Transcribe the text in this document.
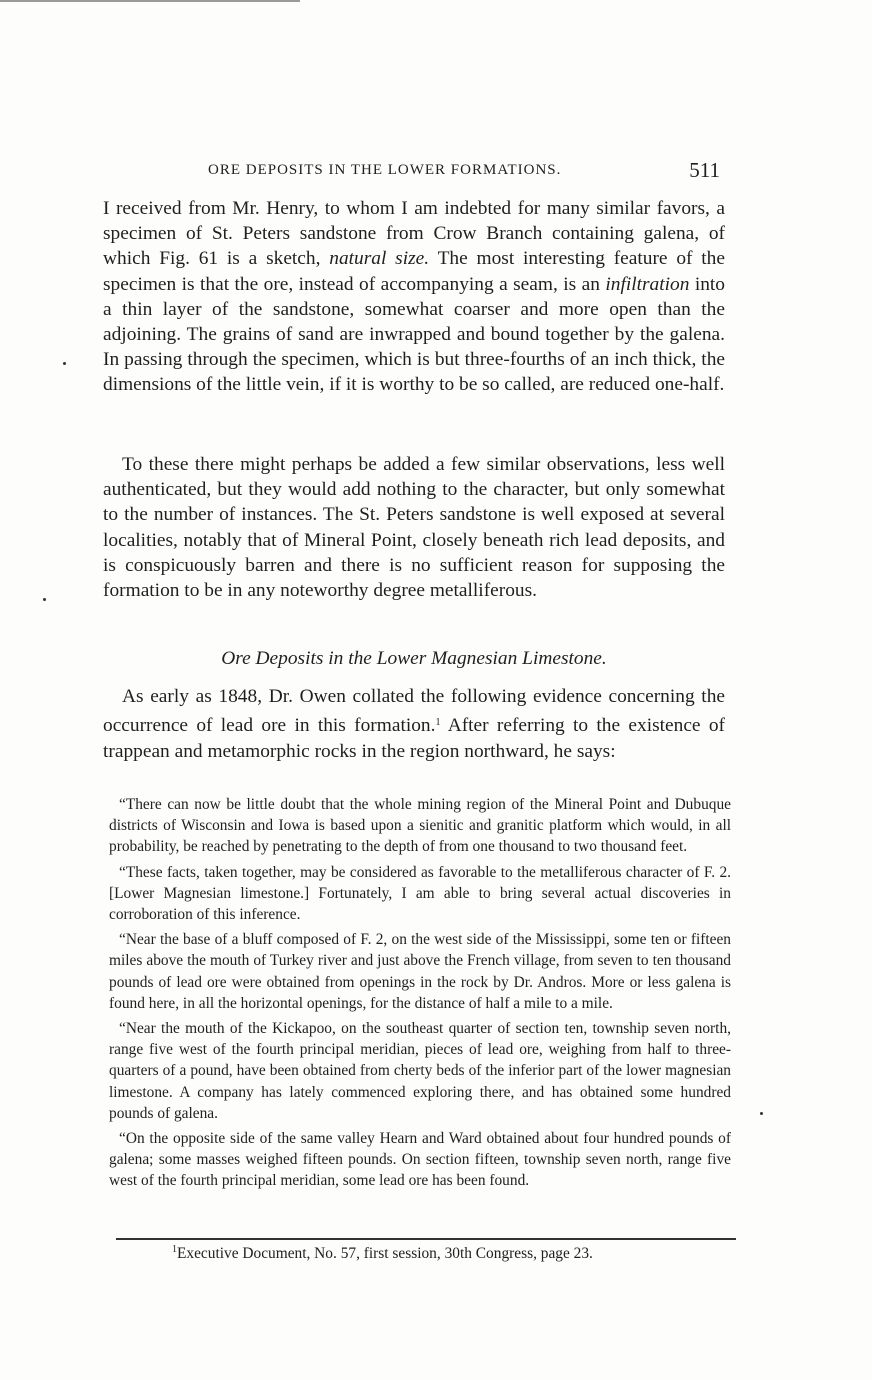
ORE DEPOSITS IN THE LOWER FORMATIONS.	511

I received from Mr. Henry, to whom I am indebted for many similar favors, a specimen of St. Peters sandstone from Crow Branch containing galena, of which Fig. 61 is a sketch, natural size. The most interesting feature of the specimen is that the ore, instead of accompanying a seam, is an infiltration into a thin layer of the sandstone, somewhat coarser and more open than the adjoining. The grains of sand are inwrapped and bound together by the galena. In passing through the specimen, which is but three-fourths of an inch thick, the dimensions of the little vein, if it is worthy to be so called, are reduced one-half.

To these there might perhaps be added a few similar observations, less well authenticated, but they would add nothing to the character, but only somewhat to the number of instances. The St. Peters sandstone is well exposed at several localities, notably that of Mineral Point, closely beneath rich lead deposits, and is conspicuously barren and there is no sufficient reason for supposing the formation to be in any noteworthy degree metalliferous.

Ore Deposits in the Lower Magnesian Limestone.

As early as 1848, Dr. Owen collated the following evidence concerning the occurrence of lead ore in this formation.$^1$ After referring to the existence of trappean and metamorphic rocks in the region northward, he says:

“There can now be little doubt that the whole mining region of the Mineral Point and Dubuque districts of Wisconsin and Iowa is based upon a sienitic and granitic platform which would, in all probability, be reached by penetrating to the depth of from one thousand to two thousand feet.

“These facts, taken together, may be considered as favorable to the metalliferous character of F. 2. [Lower Magnesian limestone.] Fortunately, I am able to bring several actual discoveries in corroboration of this inference.

“Near the base of a bluff composed of F. 2, on the west side of the Mississippi, some ten or fifteen miles above the mouth of Turkey river and just above the French village, from seven to ten thousand pounds of lead ore were obtained from openings in the rock by Dr. Andros. More or less galena is found here, in all the horizontal openings, for the distance of half a mile to a mile.

“Near the mouth of the Kickapoo, on the southeast quarter of section ten, township seven north, range five west of the fourth principal meridian, pieces of lead ore, weighing from half to three-quarters of a pound, have been obtained from cherty beds of the inferior part of the lower magnesian limestone. A company has lately commenced exploring there, and has obtained some hundred pounds of galena.

“On the opposite side of the same valley Hearn and Ward obtained about four hundred pounds of galena; some masses weighed fifteen pounds. On section fifteen, township seven north, range five west of the fourth principal meridian, some lead ore has been found.

$^1$Executive Document, No. 57, first session, 30th Congress, page 23.
